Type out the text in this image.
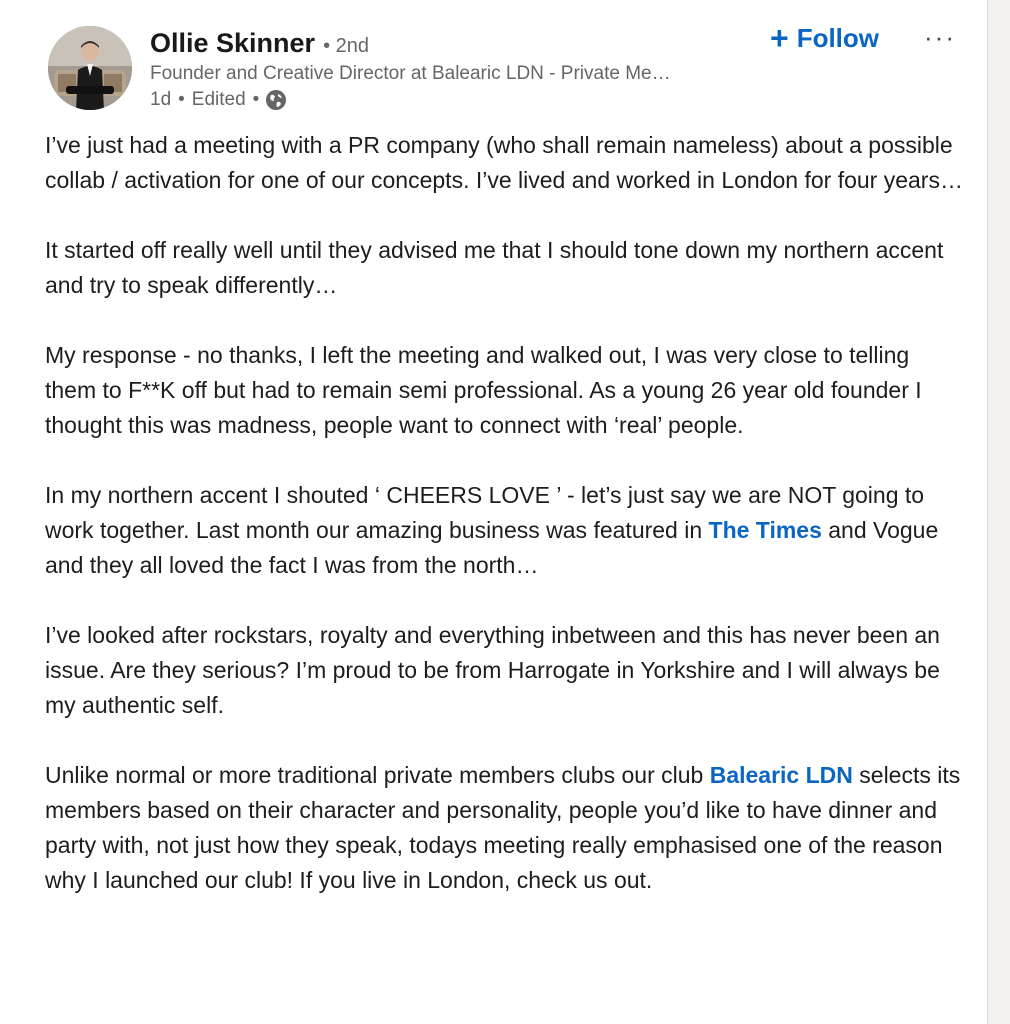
Ollie Skinner • 2nd
Founder and Creative Director at Balearic LDN - Private Me…
1d • Edited •
+ Follow ···

I’ve just had a meeting with a PR company (who shall remain nameless) about a possible collab / activation for one of our concepts. I’ve lived and worked in London for four years…

It started off really well until they advised me that I should tone down my northern accent and try to speak differently…

My response - no thanks, I left the meeting and walked out, I was very close to telling them to F**K off but had to remain semi professional. As a young 26 year old founder I thought this was madness, people want to connect with ‘real’ people.

In my northern accent I shouted ‘ CHEERS LOVE ’ - let’s just say we are NOT going to work together. Last month our amazing business was featured in The Times and Vogue and they all loved the fact I was from the north…

I’ve looked after rockstars, royalty and everything inbetween and this has never been an issue. Are they serious? I’m proud to be from Harrogate in Yorkshire and I will always be my authentic self.

Unlike normal or more traditional private members clubs our club Balearic LDN selects its members based on their character and personality, people you’d like to have dinner and party with, not just how they speak, todays meeting really emphasised one of the reason why I launched our club! If you live in London, check us out.
